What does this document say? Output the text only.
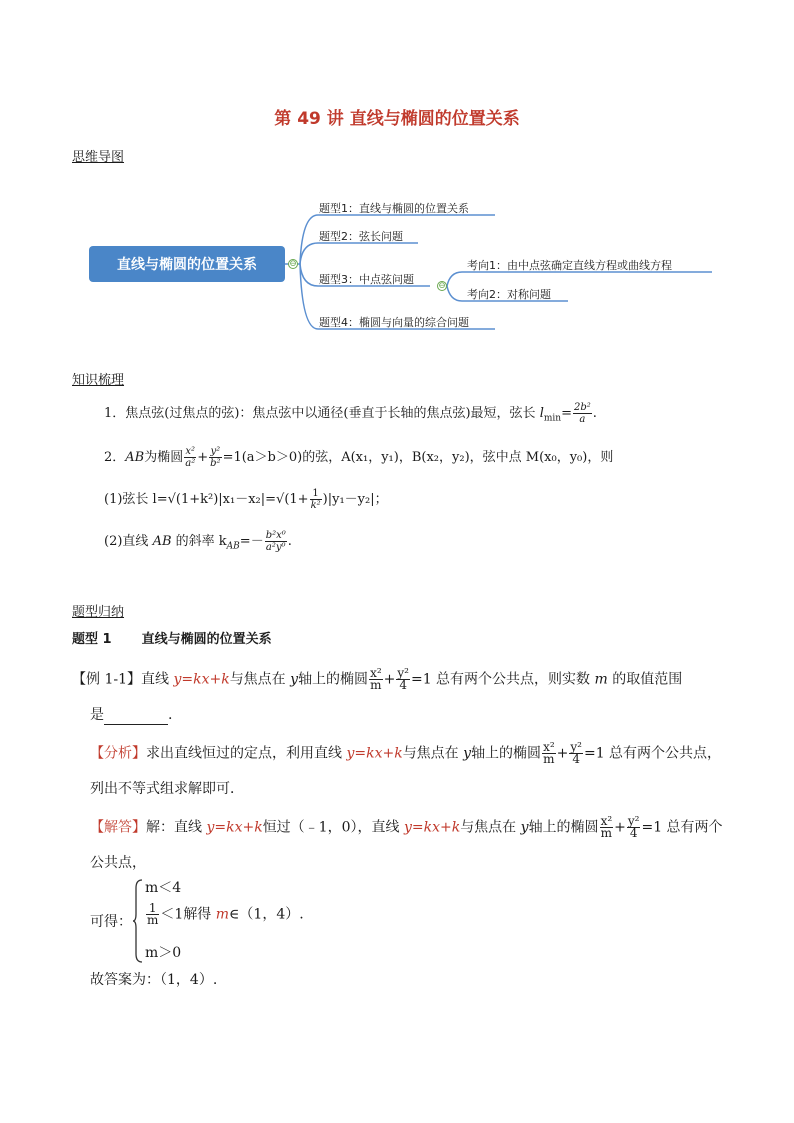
第 49 讲 直线与椭圆的位置关系
思维导图
直线与椭圆的位置关系	⊖
⊖
题型1：直线与椭圆的位置关系
题型2：弦长问题
题型3：中点弦问题
题型4：椭圆与向量的综合问题
考向1：由中点弦确定直线方程或曲线方程
考向2：对称问题
知识梳理
1．焦点弦(过焦点的弦)：焦点弦中以通径(垂直于长轴的焦点弦)最短，弦长 $l_{min}= \frac{\text{2b²}}{a}$ .
2．AB为椭圆 $\frac{\text{x²}}{\text{a²}} + \frac{\text{y²}}{\text{b²}} =1(a>b>0)$的弦，A(x₁，y₁)，B(x₂，y₂)，弦中点 M(x₀，y₀)，则
(1)弦长 $l=√(1+k^2)|x_1-x_2|=√(1+ \frac{1}{\text{k²}} )|y_1-y_2|$；
(2)直线 AB 的斜率 $k_{AB}=- \frac{\text{b²x⁰}}{\text{a²y⁰}}$ .
题型归纳
题型 1 直线与椭圆的位置关系
【例 1-1】直线 y=kx+k与焦点在 y轴上的椭圆 $\frac{\text{x²}}{m} + \frac{\text{y²}}{4} =1$ 总有两个公共点，则实数 m 的取值范围
是	.
【分析】求出直线恒过的定点，利用直线 y=kx+k与焦点在 y轴上的椭圆 $\frac{\text{x²}}{m} + \frac{\text{y²}}{4} =1$ 总有两个公共点，
列出不等式组求解即可．
【解答】解：直线 y=kx+k恒过（﹣1，0），直线 y=kx+k与焦点在 y轴上的椭圆 $\frac{\text{x²}}{m} + \frac{\text{y²}}{4} =1$ 总有两个
公共点，
可得：
m＜4
$\frac{1}{m} <1$解得 m∈（1，4）.
m＞0
故答案为：（1，4）.
